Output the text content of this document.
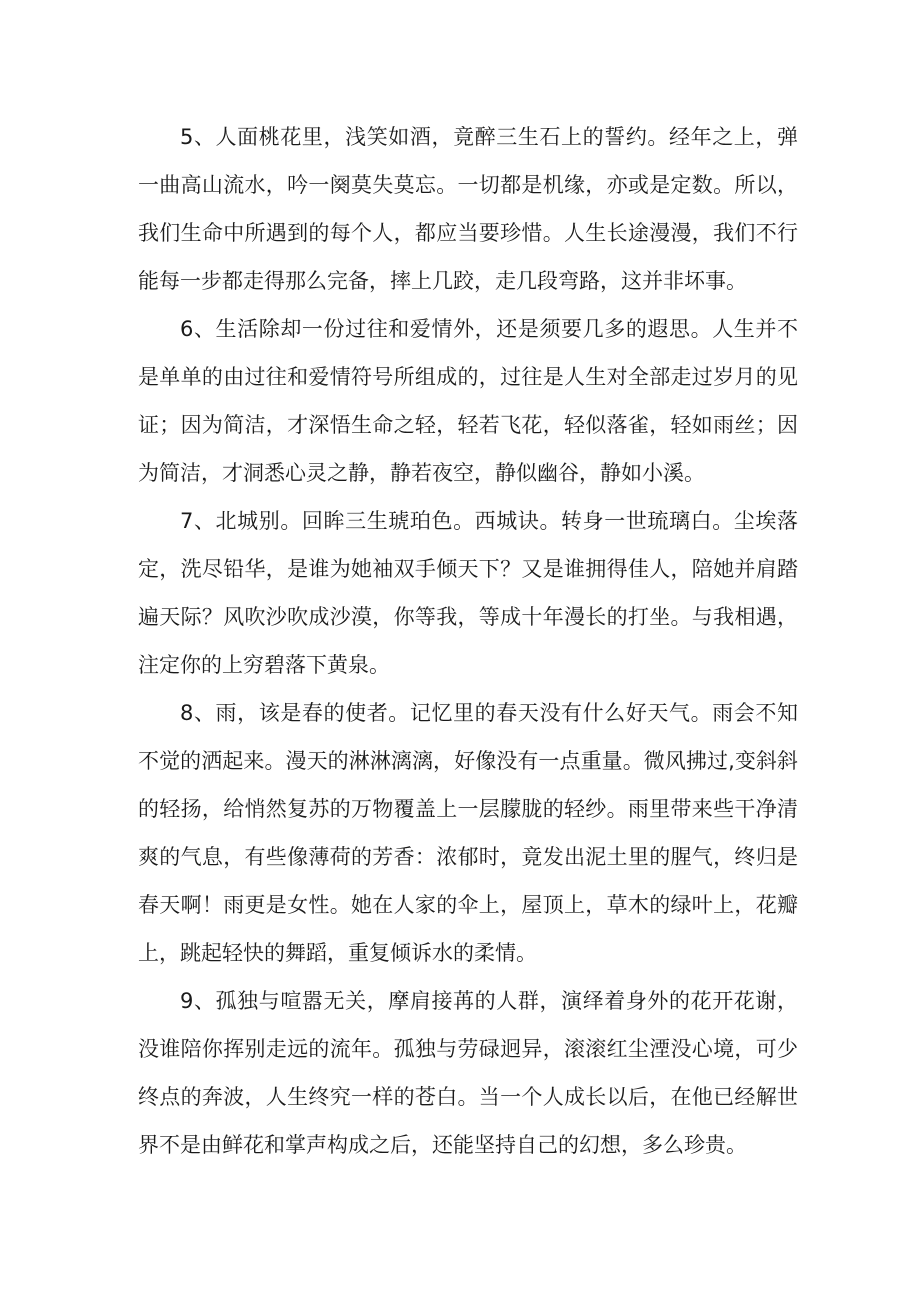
5、人面桃花里，浅笑如酒，竟醉三生石上的誓约。经年之上，弹一曲高山流水，吟一阕莫失莫忘。一切都是机缘，亦或是定数。所以，我们生命中所遇到的每个人，都应当要珍惜。人生长途漫漫，我们不行能每一步都走得那么完备，摔上几跤，走几段弯路，这并非坏事。

6、生活除却一份过往和爱情外，还是须要几多的遐思。人生并不是单单的由过往和爱情符号所组成的，过往是人生对全部走过岁月的见证；因为简洁，才深悟生命之轻，轻若飞花，轻似落雀，轻如雨丝；因为简洁，才洞悉心灵之静，静若夜空，静似幽谷，静如小溪。

7、北城别。回眸三生琥珀色。西城诀。转身一世琉璃白。尘埃落定，洗尽铅华，是谁为她袖双手倾天下？又是谁拥得佳人，陪她并肩踏遍天际？风吹沙吹成沙漠，你等我，等成十年漫长的打坐。与我相遇，注定你的上穷碧落下黄泉。

8、雨，该是春的使者。记忆里的春天没有什么好天气。雨会不知不觉的洒起来。漫天的淋淋漓漓，好像没有一点重量。微风拂过,变斜斜的轻扬，给悄然复苏的万物覆盖上一层朦胧的轻纱。雨里带来些干净清爽的气息，有些像薄荷的芳香：浓郁时，竟发出泥土里的腥气，终归是春天啊！雨更是女性。她在人家的伞上，屋顶上，草木的绿叶上，花瓣上，跳起轻快的舞蹈，重复倾诉水的柔情。

9、孤独与喧嚣无关，摩肩接苒的人群，演绎着身外的花开花谢，没谁陪你挥别走远的流年。孤独与劳碌迥异，滚滚红尘湮没心境，可少终点的奔波，人生终究一样的苍白。当一个人成长以后，在他已经解世界不是由鲜花和掌声构成之后，还能坚持自己的幻想，多么珍贵。
